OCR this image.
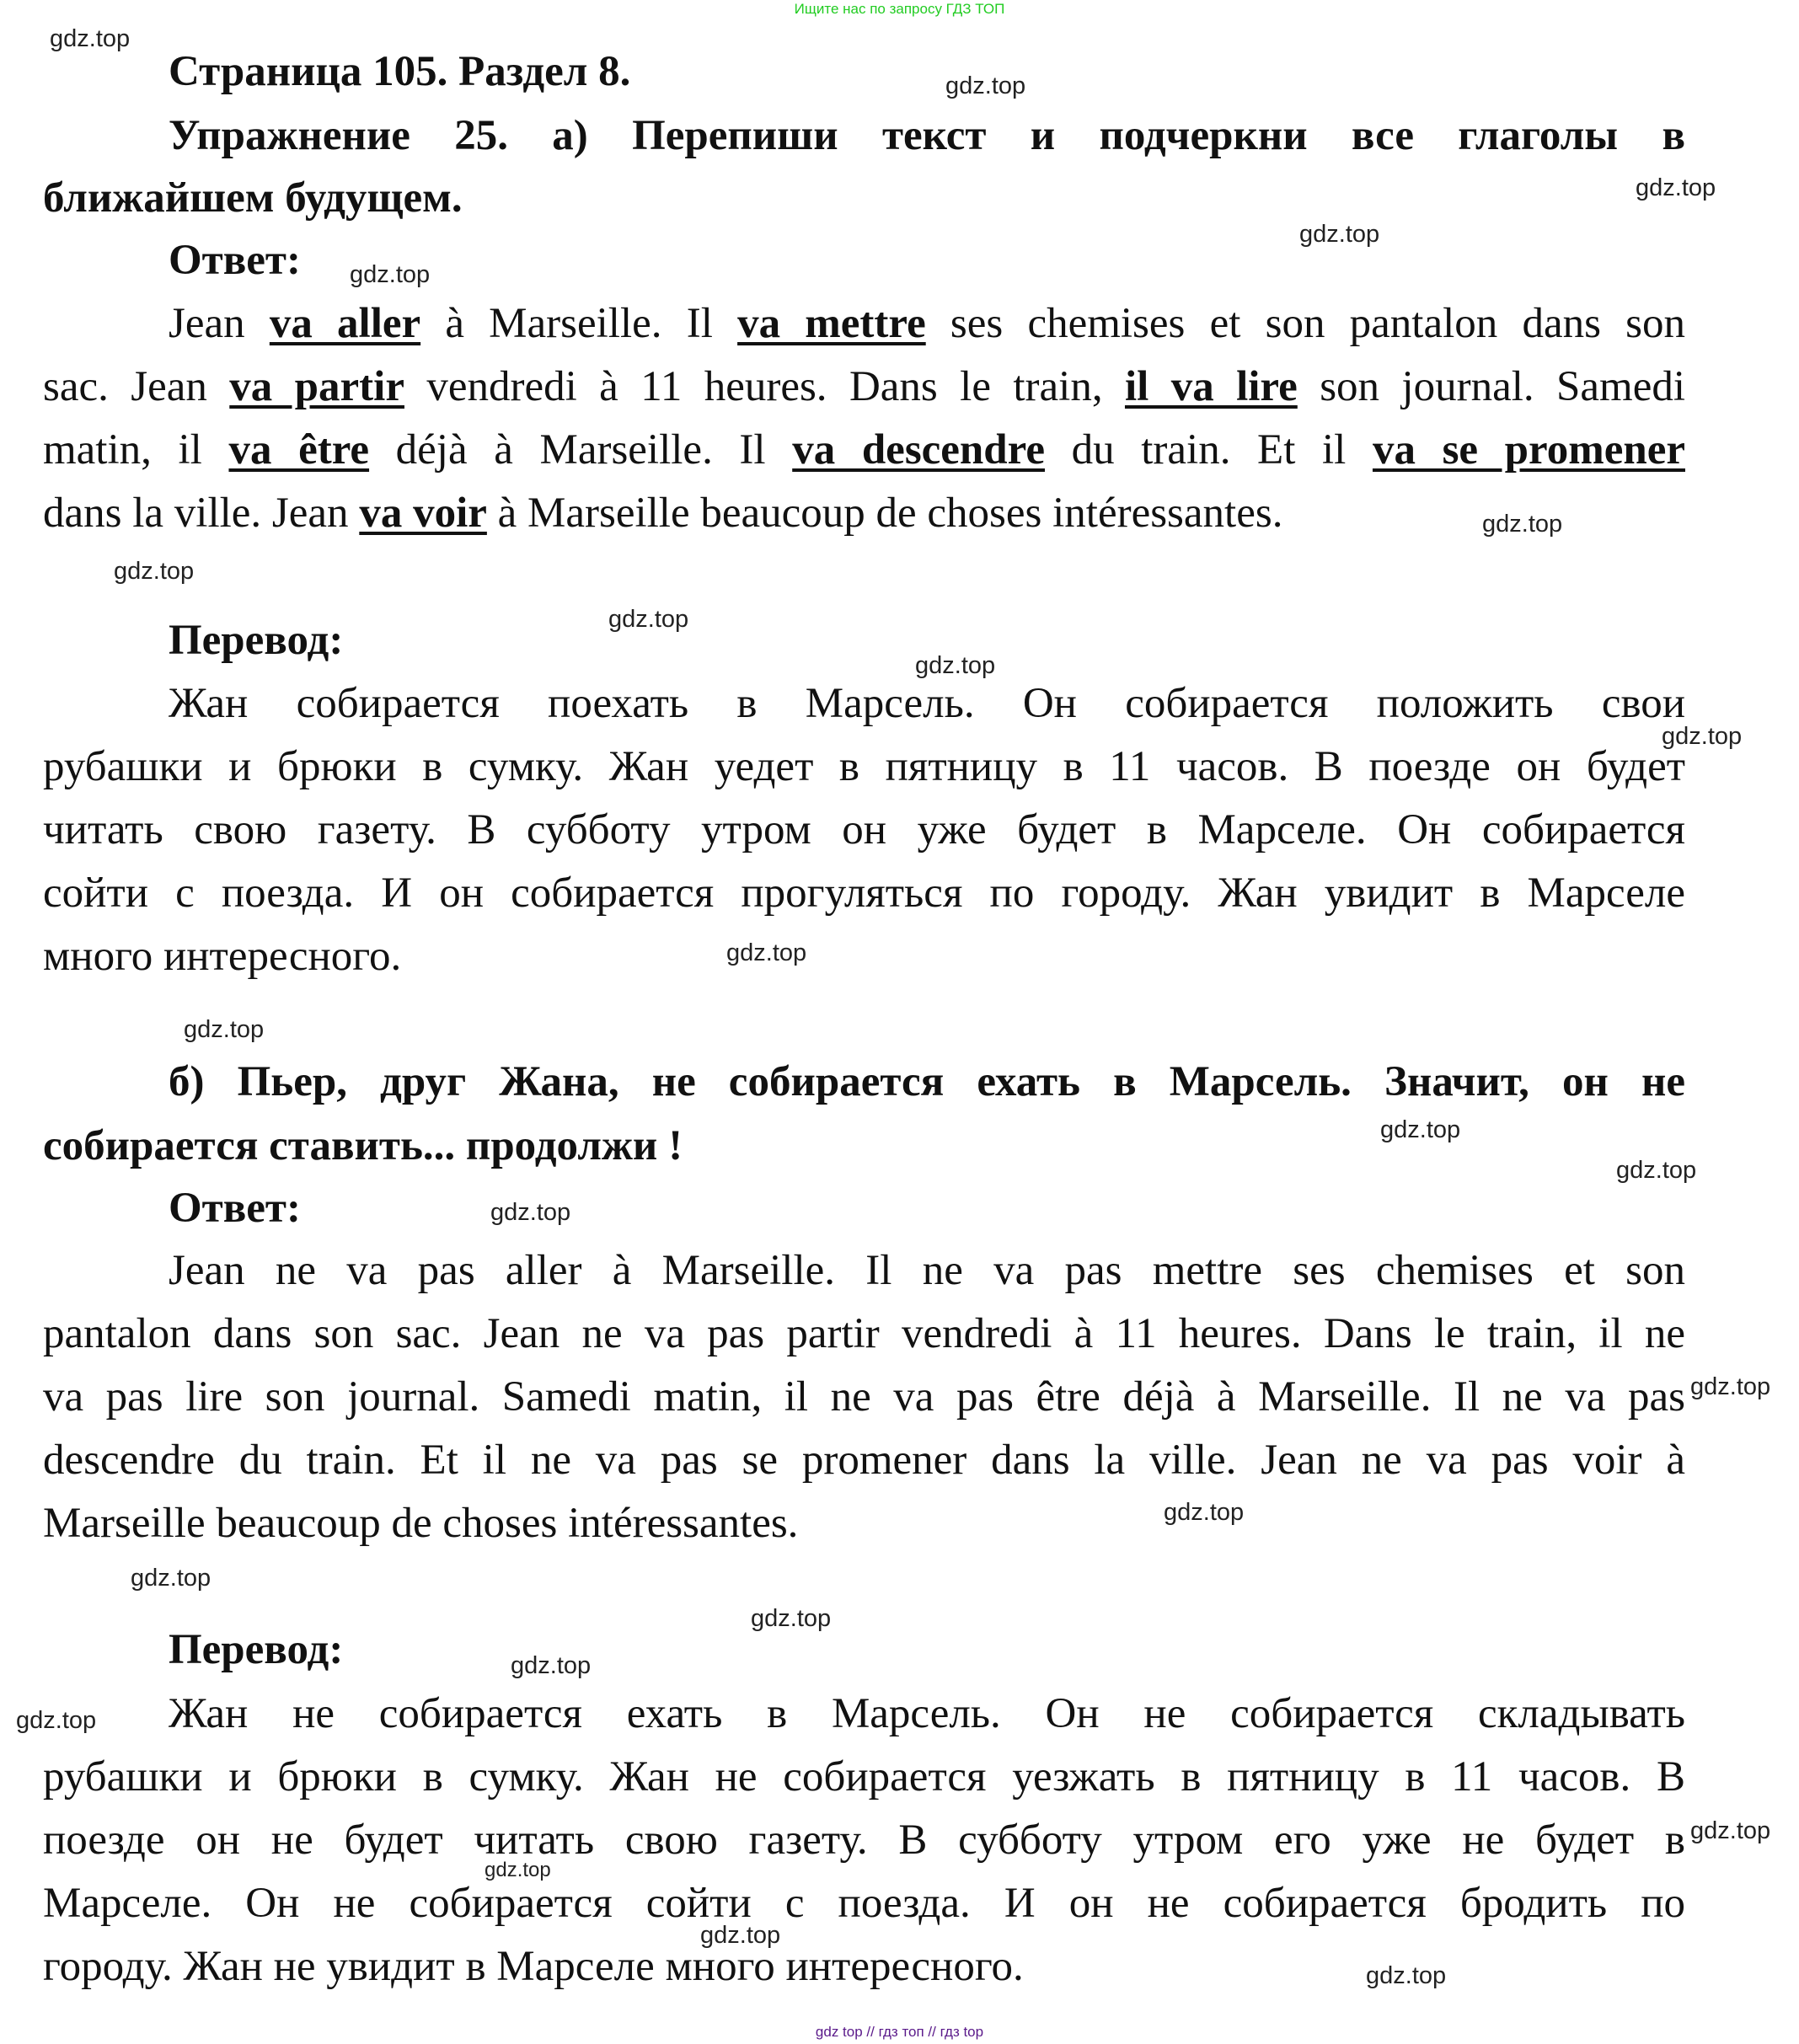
Ищите нас по запросу ГДЗ ТОП
Страница 105. Раздел 8.
Упражнение 25. а) Перепиши текст и подчеркни все глаголы в
ближайшем будущем.
Ответ:
Jean va aller à Marseille. Il va mettre ses chemises et son pantalon dans son
sac. Jean va partir vendredi à 11 heures. Dans le train, il va lire son journal. Samedi
matin, il va être déjà à Marseille. Il va descendre du train. Et il va se promener
dans la ville. Jean va voir à Marseille beaucoup de choses intéressantes.
Перевод:
Жан собирается поехать в Марсель. Он собирается положить свои
рубашки и брюки в сумку. Жан уедет в пятницу в 11 часов. В поезде он будет
читать свою газету. В субботу утром он уже будет в Марселе. Он собирается
сойти с поезда. И он собирается прогуляться по городу. Жан увидит в Марселе
много интересного.
б) Пьер, друг Жана, не собирается ехать в Марсель. Значит, он не
собирается ставить... продолжи !
Ответ:
Jean ne va pas aller à Marseille. Il ne va pas mettre ses chemises et son
pantalon dans son sac. Jean ne va pas partir vendredi à 11 heures. Dans le train, il ne
va pas lire son journal. Samedi matin, il ne va pas être déjà à Marseille. Il ne va pas
descendre du train. Et il ne va pas se promener dans la ville. Jean ne va pas voir à
Marseille beaucoup de choses intéressantes.
Перевод:
Жан не собирается ехать в Марсель. Он не собирается складывать
рубашки и брюки в сумку. Жан не собирается уезжать в пятницу в 11 часов. В
поезде он не будет читать свою газету. В субботу утром его уже не будет в
Марселе. Он не собирается сойти с поезда. И он не собирается бродить по
городу. Жан не увидит в Марселе много интересного.
gdz.top
gdz.top
gdz.top
gdz.top
gdz.top
gdz.top
gdz.top
gdz.top
gdz.top
gdz.top
gdz.top
gdz.top
gdz.top
gdz.top
gdz.top
gdz.top
gdz.top
gdz.top
gdz.top
gdz.top
gdz.top
gdz.top
gdz.top
gdz.top
gdz.top
gdz top // гдз топ // гдз top
